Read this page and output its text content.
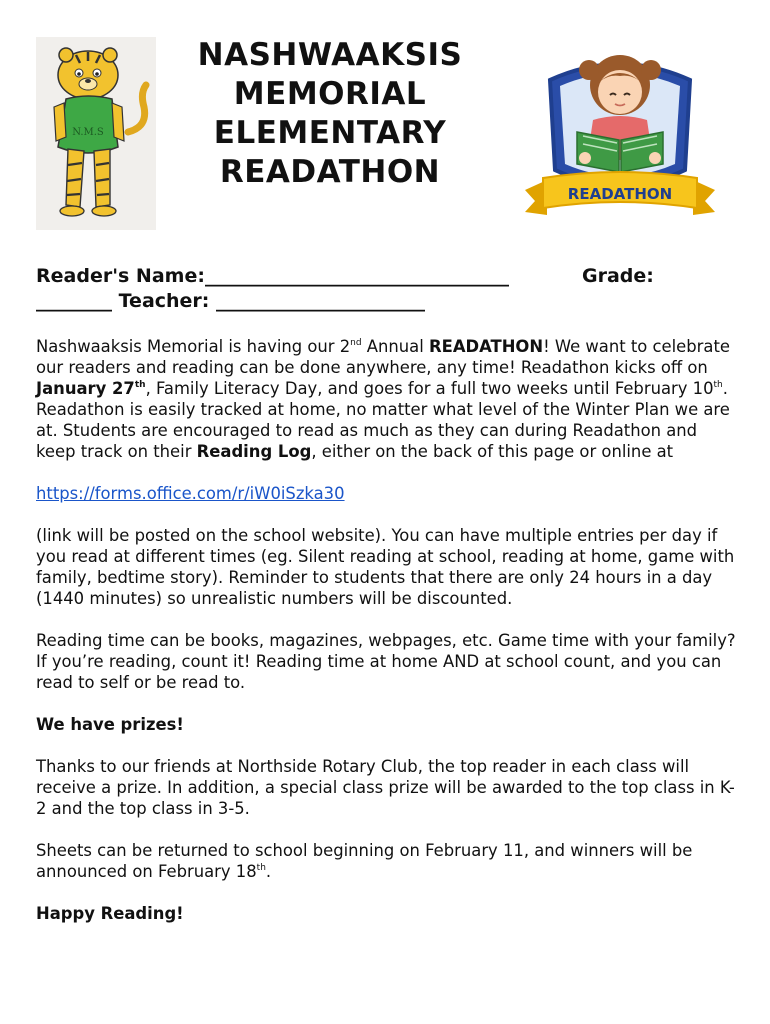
N.M.S
NASHWAAKSIS
MEMORIAL
ELEMENTARY
READATHON
READATHON
Reader's Name:________________________________	Grade:
________ Teacher: ______________________

Nashwaaksis Memorial is having our 2nd Annual READATHON! We want to celebrate our readers and reading can be done anywhere, any time! Readathon kicks off on January 27th, Family Literacy Day, and goes for a full two weeks until February 10th. Readathon is easily tracked at home, no matter what level of the Winter Plan we are at. Students are encouraged to read as much as they can during Readathon and keep track on their Reading Log, either on the back of this page or online at

https://forms.office.com/r/iW0iSzka30

(link will be posted on the school website). You can have multiple entries per day if you read at different times (eg. Silent reading at school, reading at home, game with family, bedtime story). Reminder to students that there are only 24 hours in a day (1440 minutes) so unrealistic numbers will be discounted.

Reading time can be books, magazines, webpages, etc. Game time with your family? If you’re reading, count it! Reading time at home AND at school count, and you can read to self or be read to.

We have prizes!

Thanks to our friends at Northside Rotary Club, the top reader in each class will receive a prize. In addition, a special class prize will be awarded to the top class in K-2 and the top class in 3-5.

Sheets can be returned to school beginning on February 11, and winners will be announced on February 18th.

Happy Reading!
